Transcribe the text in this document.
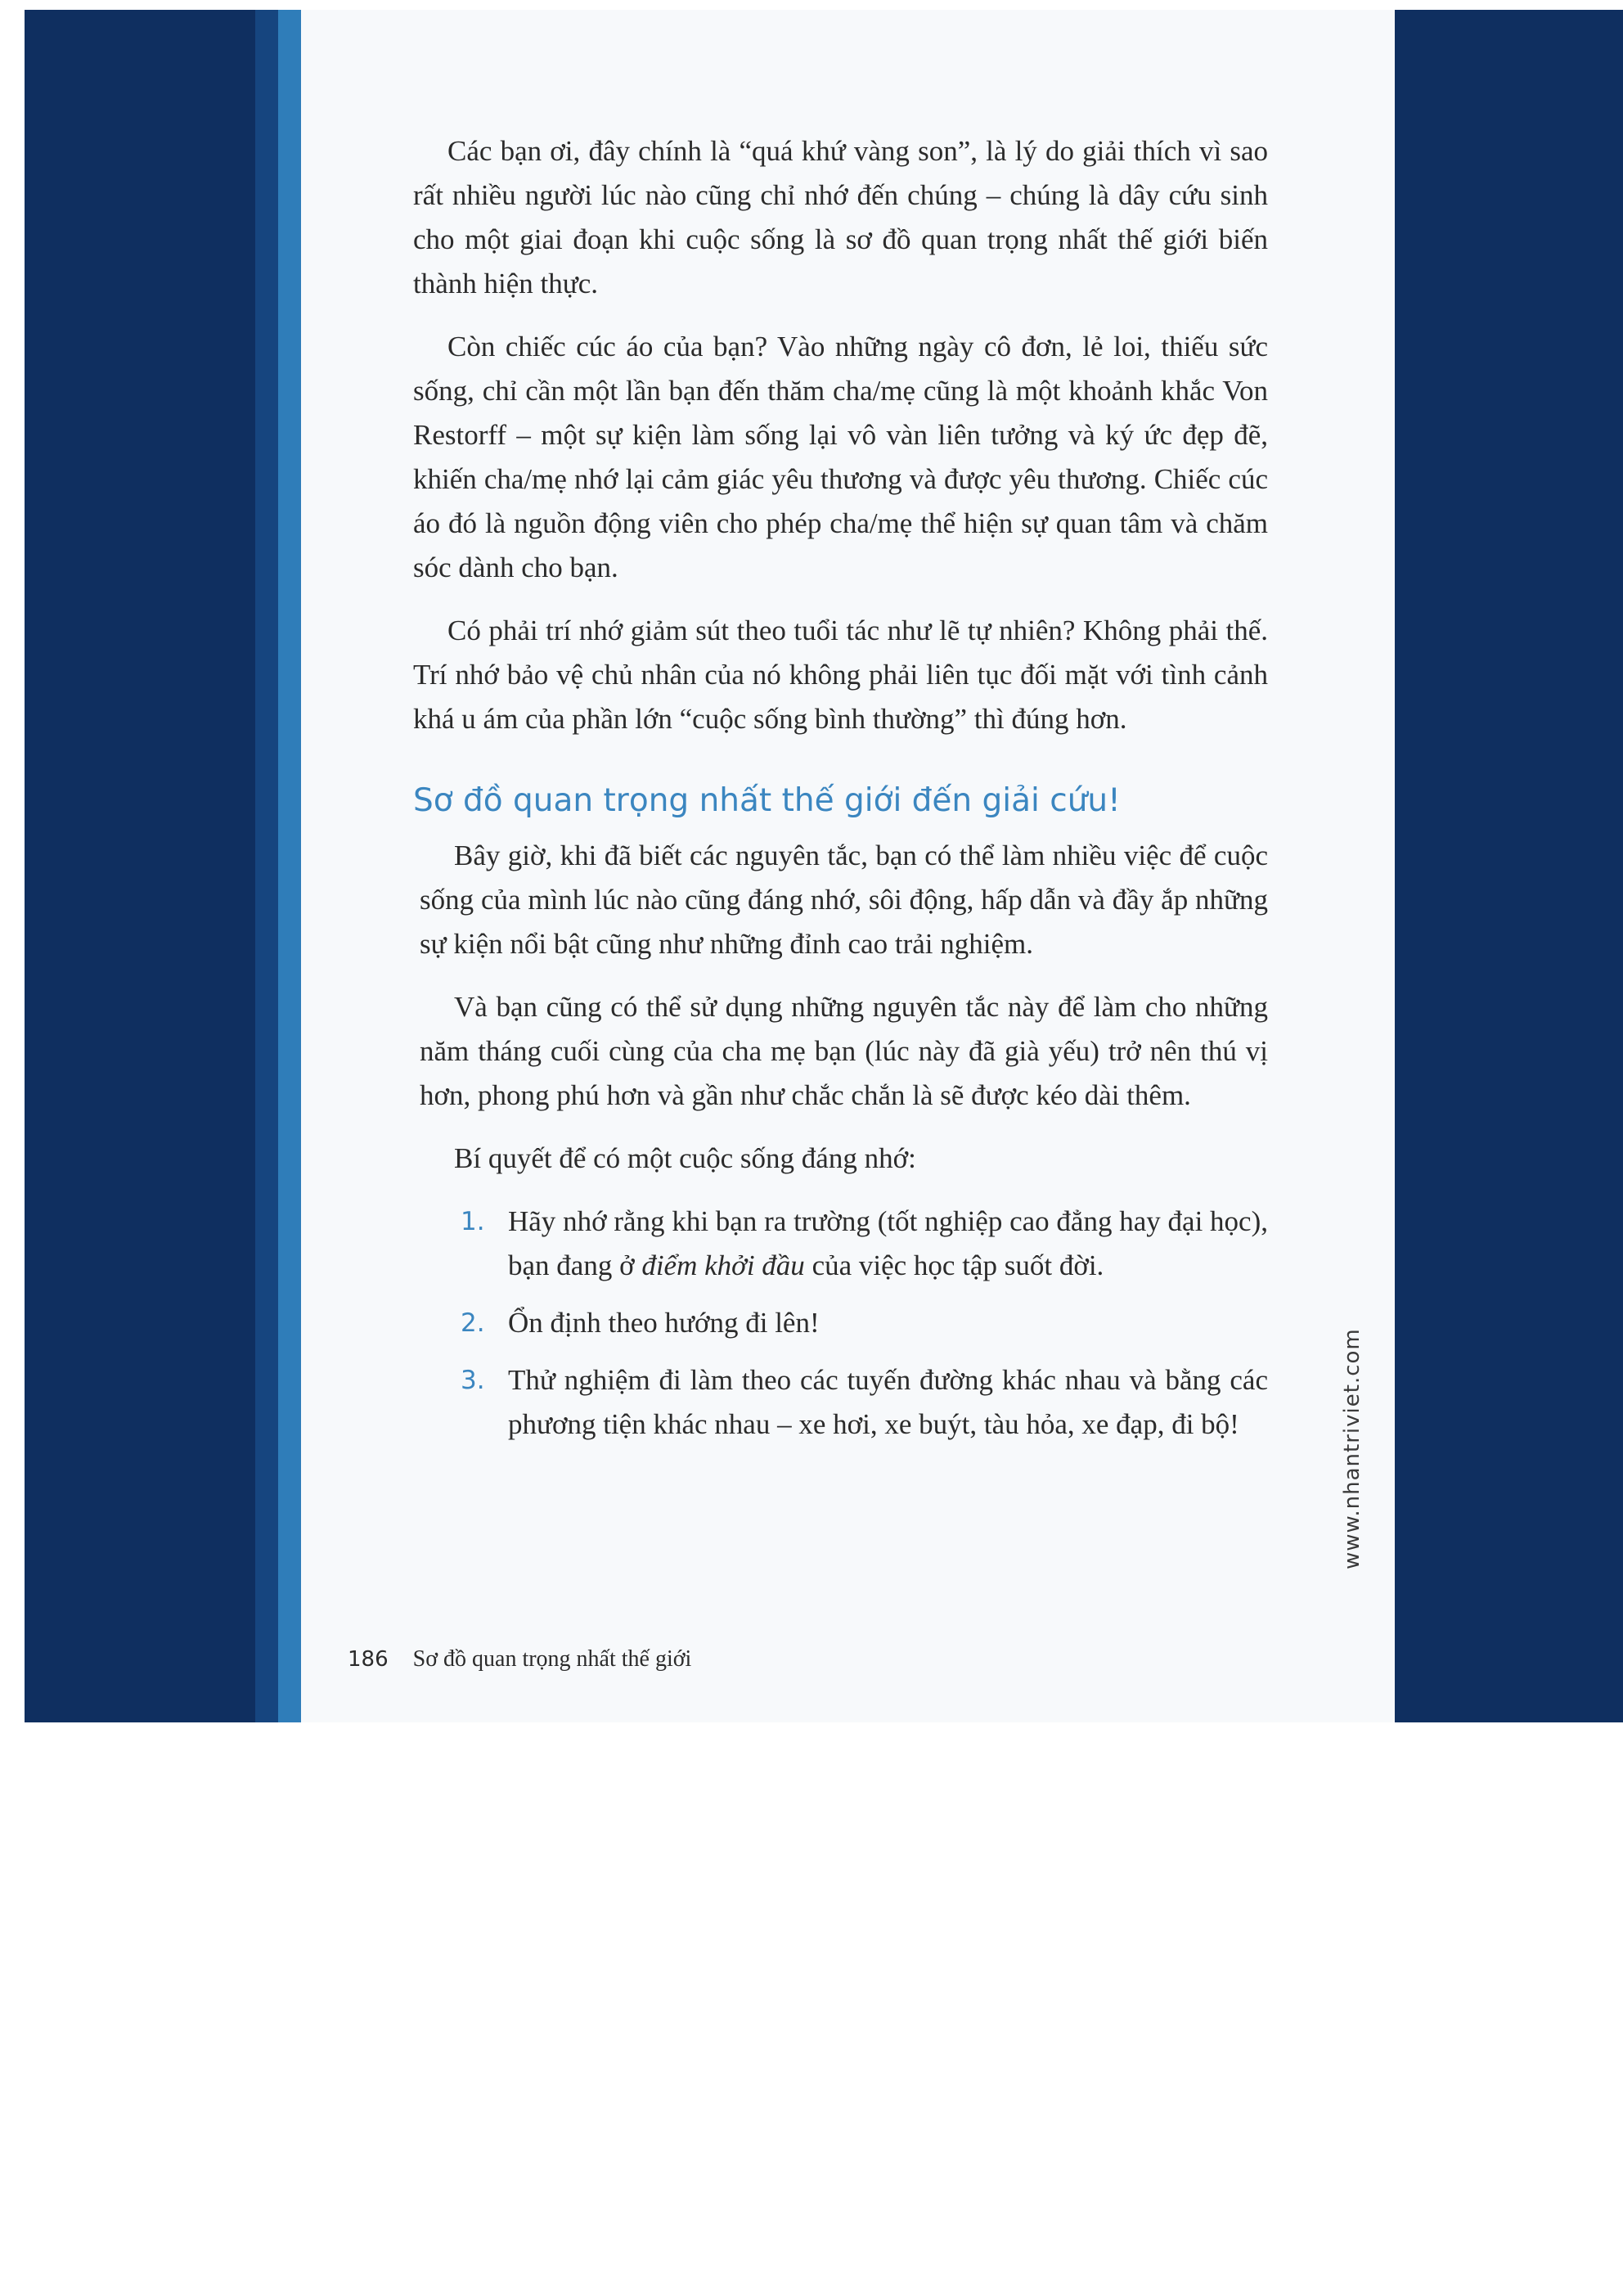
Các bạn ơi, đây chính là “quá khứ vàng son”, là lý do giải thích vì sao rất nhiều người lúc nào cũng chỉ nhớ đến chúng – chúng là dây cứu sinh cho một giai đoạn khi cuộc sống là sơ đồ quan trọng nhất thế giới biến thành hiện thực.

Còn chiếc cúc áo của bạn? Vào những ngày cô đơn, lẻ loi, thiếu sức sống, chỉ cần một lần bạn đến thăm cha/mẹ cũng là một khoảnh khắc Von Restorff – một sự kiện làm sống lại vô vàn liên tưởng và ký ức đẹp đẽ, khiến cha/mẹ nhớ lại cảm giác yêu thương và được yêu thương. Chiếc cúc áo đó là nguồn động viên cho phép cha/mẹ thể hiện sự quan tâm và chăm sóc dành cho bạn.

Có phải trí nhớ giảm sút theo tuổi tác như lẽ tự nhiên? Không phải thế. Trí nhớ bảo vệ chủ nhân của nó không phải liên tục đối mặt với tình cảnh khá u ám của phần lớn “cuộc sống bình thường” thì đúng hơn.

Sơ đồ quan trọng nhất thế giới đến giải cứu!

Bây giờ, khi đã biết các nguyên tắc, bạn có thể làm nhiều việc để cuộc sống của mình lúc nào cũng đáng nhớ, sôi động, hấp dẫn và đầy ắp những sự kiện nổi bật cũng như những đỉnh cao trải nghiệm.

Và bạn cũng có thể sử dụng những nguyên tắc này để làm cho những năm tháng cuối cùng của cha mẹ bạn (lúc này đã già yếu) trở nên thú vị hơn, phong phú hơn và gần như chắc chắn là sẽ được kéo dài thêm.

Bí quyết để có một cuộc sống đáng nhớ:

1. Hãy nhớ rằng khi bạn ra trường (tốt nghiệp cao đẳng hay đại học), bạn đang ở điểm khởi đầu của việc học tập suốt đời.
2. Ổn định theo hướng đi lên!
3. Thử nghiệm đi làm theo các tuyến đường khác nhau và bằng các phương tiện khác nhau – xe hơi, xe buýt, tàu hỏa, xe đạp, đi bộ!	www.nhantriviet.com
186 Sơ đồ quan trọng nhất thế giới
